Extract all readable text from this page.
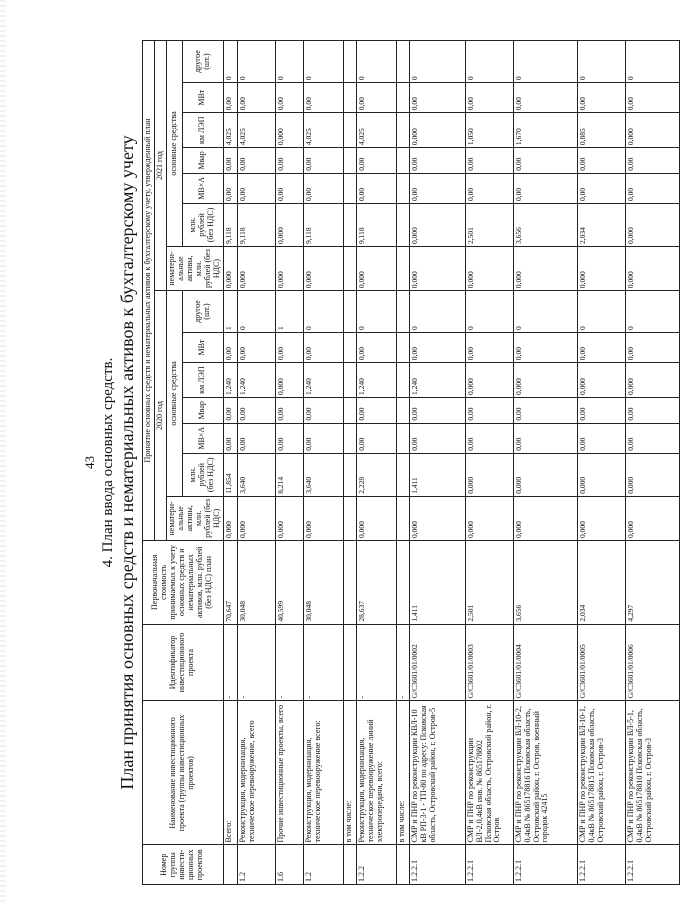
43 4. План ввода основных средств. План принятия основных средств и нематериальных активов к бухгалтерскому учету
Номер группы инвести-ционных проектов	Наименование инвестиционного проекта (группы инвестиционных проектов)	Идентификатор инвестиционного проекта	Первоначальная стоимость принимаемых к учету основных средств и нематериальных активов, млн. рублей (без НДС) план	Принятие основных средств и нематериальных активов к бухгалтерскому учету, утвержденный план													
				2020 год							2021 год						
				нематери-альные активы, млн. рублей (без НДС)	основные средства						нематери-альные активы, млн. рублей (без НДС)	основные средства					
					млн. рублей (без НДС)	МВ×А	Мвар	км ЛЭП	МВт	другое (шт.)		млн. рублей (без НДС)	МВ×А	Мвар	км ЛЭП	МВт	другое (шт.)
	Всего:	-	70,647	0,000	11,854	0,00	0,00	1,240	0,00	1	0,000	9,118	0,00	0,00	4,025	0,00	0
1.2	Реконструкция, модернизация, техническое перевооружение, всего	-	30,048	0,000	3,640	0,00	0,00	1,240	0,00	0	0,000	9,118	0,00	0,00	4,025	0,00	0
1.6	Прочие инвестиционные проекты, всего	-	40,599	0,000	8,214	0,00	0,00	0,000	0,00	1	0,000	0,000	0,00	0,00	0,000	0,00	0
1.2	Реконструкция, модернизация, техническое перевооружение всего:	-	30,048	0,000	3,640	0,00	0,00	1,240	0,00	0	0,000	9,118	0,00	0,00	4,025	0,00	0
	в том числе:																
1.2.2	Реконструкция, модернизация, техническое перевооружение линий электропередачи, всего:	-	28,637	0,000	2,228	0,00	0,00	1,240	0,00	0	0,000	9,118	0,00	0,00	4,025	0,00	0
	в том числе:	-															
1.2.2.1	СМР и ПНР по реконструкции КВЛ-10 кВ РП-3-1 - ТП-80 по адресу: Псковская область, Островский район, г. Остров-5	G/C3601/01/0002	1,411	0,000	1,411	0,00	0,00	1,240	0,00	0	0,000	0,000	0,00	0,00	0,000	0,00	0
1.2.2.1	СМР и ПНР по реконструкции ВЛ-2,0,4кВ инв. № 865178802 Псковская область, Островский район, г. Остров	G/C3601/01/0003	2,501	0,000	0,000	0,00	0,00	0,000	0,00	0	0,000	2,501	0,00	0,00	1,050	0,00	0
1.2.2.1	СМР и ПНР по реконструкции ВЛ-10-2, 0,4кВ № 865178816 Псковская область, Островский район, г. Остров, военный городок 42415	G/C3601/01/0004	3,656	0,000	0,000	0,00	0,00	0,000	0,00	0	0,000	3,656	0,00	0,00	1,670	0,00	0
1.2.2.1	СМР и ПНР по реконструкции ВЛ-10-1, 0,4кВ № 865178815 Псковская область, Островский район, г. Остров-3	G/C3601/01/0005	2,034	0,000	0,000	0,00	0,00	0,000	0,00	0	0,000	2,034	0,00	0,00	0,885	0,00	0
1.2.2.1	СМР и ПНР по реконструкции ВЛ-5-1, 0,4кВ № 865178810 Псковская область, Островский район, г. Остров-3	G/C3601/01/0006	4,297	0,000	0,000	0,00	0,00	0,000	0,00	0	0,000	0,000	0,00	0,00	0,000	0,00	0
